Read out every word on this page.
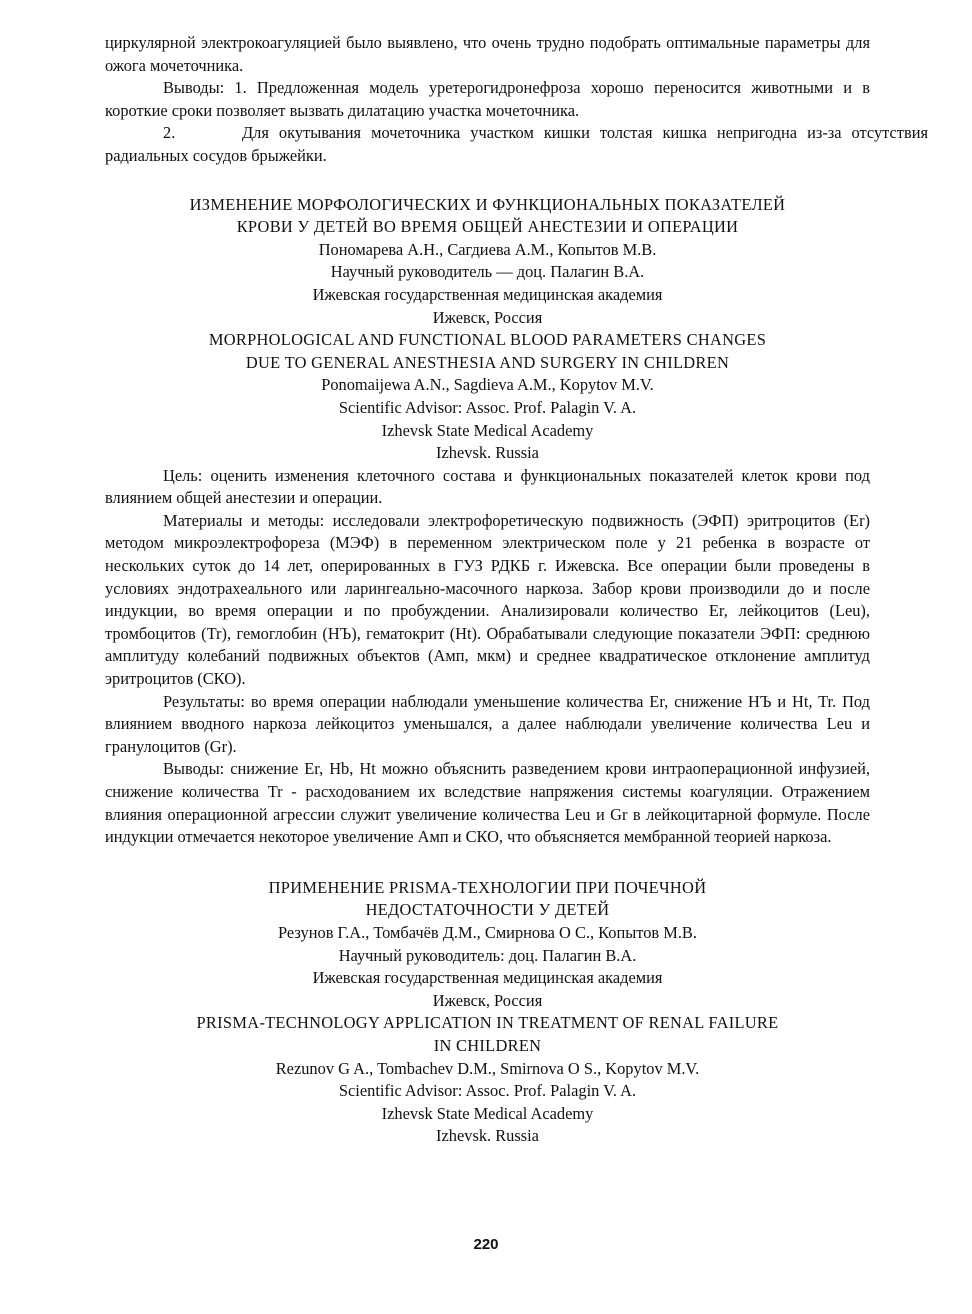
циркулярной электрокоагуляцией было выявлено, что очень трудно подобрать оптимальные параметры для ожога мочеточника.

Выводы: 1. Предложенная модель уретерогидронефроза хорошо переносится животными и в короткие сроки позволяет вызвать дилатацию участка мочеточника.

2.	Для окутывания мочеточника участком кишки толстая кишка непригодна из-за отсутствия радиальных сосудов брыжейки.

ИЗМЕНЕНИЕ МОРФОЛОГИЧЕСКИХ И ФУНКЦИОНАЛЬНЫХ ПОКАЗАТЕЛЕЙ
КРОВИ У ДЕТЕЙ ВО ВРЕМЯ ОБЩЕЙ АНЕСТЕЗИИ И ОПЕРАЦИИ
Пономарева А.Н., Сагдиева А.М., Копытов М.В.
Научный руководитель — доц. Палагин В.А.
Ижевская государственная медицинская академия
Ижевск, Россия
MORPHOLOGICAL AND FUNCTIONAL BLOOD PARAMETERS CHANGES
DUE TO GENERAL ANESTHESIA AND SURGERY IN CHILDREN
Ponomaijewa A.N., Sagdieva A.M., Kopytov M.V.
Scientific Advisor: Assoc. Prof. Palagin V. A.
Izhevsk State Medical Academy
Izhevsk. Russia

Цель: оценить изменения клеточного состава и функциональных показателей клеток крови под влиянием общей анестезии и операции.

Материалы и методы: исследовали электрофоретическую подвижность (ЭФП) эритроцитов (Er) методом микроэлектрофореза (МЭФ) в переменном электрическом поле у 21 ребенка в возрасте от нескольких суток до 14 лет, оперированных в ГУЗ РДКБ г. Ижевска. Все операции были проведены в условиях эндотрахеального или ларингеально-масочного наркоза. Забор крови производили до и после индукции, во время операции и по пробуждении. Анализировали количество Er, лейкоцитов (Leu), тромбоцитов (Tr), гемоглобин (НЪ), гематокрит (Ht). Обрабатывали следующие показатели ЭФП: среднюю амплитуду колебаний подвижных объектов (Амп, мкм) и среднее квадратическое отклонение амплитуд эритроцитов (СКО).

Результаты: во время операции наблюдали уменьшение количества Er, снижение НЪ и Ht, Tr. Под влиянием вводного наркоза лейкоцитоз уменьшался, а далее наблюдали увеличение количества Leu и гранулоцитов (Gr).

Выводы: снижение Er, Hb, Ht можно объяснить разведением крови интраоперационной инфузией, снижение количества Tr - расходованием их вследствие напряжения системы коагуляции. Отражением влияния операционной агрессии служит увеличение количества Leu и Gr в лейкоцитарной формуле. После индукции отмечается некоторое увеличение Амп и СКО, что объясняется мембранной теорией наркоза.

ПРИМЕНЕНИЕ PRISMA-ТЕХНОЛОГИИ ПРИ ПОЧЕЧНОЙ
НЕДОСТАТОЧНОСТИ У ДЕТЕЙ
Резунов Г.А., Томбачёв Д.М., Смирнова О С., Копытов М.В.
Научный руководитель: доц. Палагин В.А.
Ижевская государственная медицинская академия
Ижевск, Россия
PRISMA-TECHNOLOGY APPLICATION IN TREATMENT OF RENAL FAILURE
IN CHILDREN
Rezunov G A., Tombachev D.M., Smirnova O S., Kopytov M.V.
Scientific Advisor: Assoc. Prof. Palagin V. A.
Izhevsk State Medical Academy
Izhevsk. Russia
220
